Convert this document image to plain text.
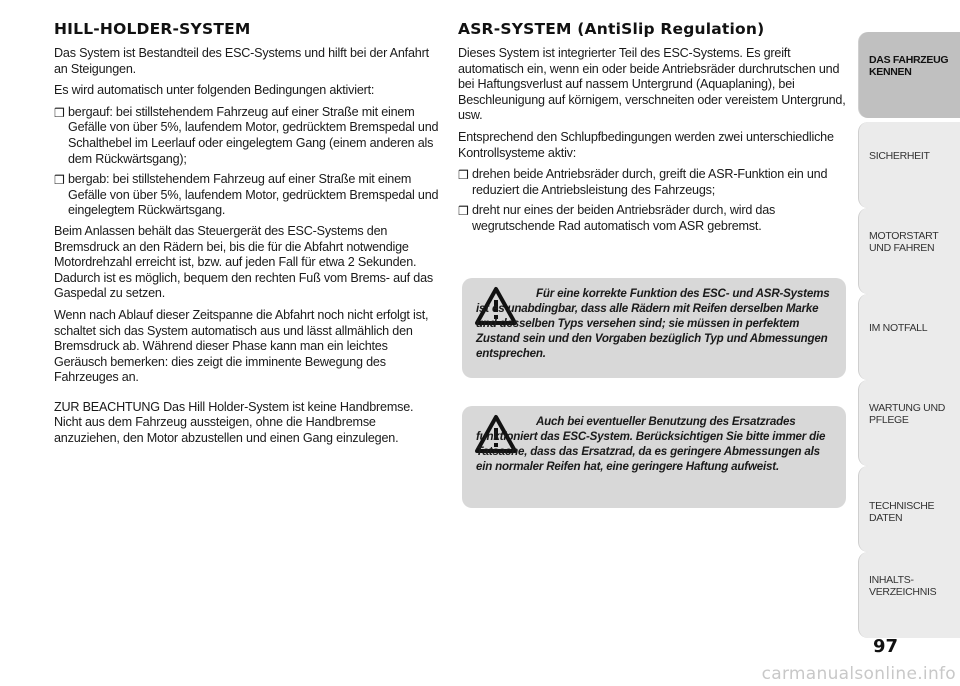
HILL-HOLDER-SYSTEM

Das System ist Bestandteil des ESC-Systems und hilft bei der Anfahrt an Steigungen.

Es wird automatisch unter folgenden Bedingungen aktiviert:

❒ bergauf: bei stillstehendem Fahrzeug auf einer Straße mit einem Gefälle von über 5%, laufendem Motor, gedrücktem Bremspedal und Schalthebel im Leerlauf oder eingelegtem Gang (einem anderen als dem Rückwärtsgang);

❒ bergab: bei stillstehendem Fahrzeug auf einer Straße mit einem Gefälle von über 5%, laufendem Motor, gedrücktem Bremspedal und eingelegtem Rückwärtsgang.

Beim Anlassen behält das Steuergerät des ESC-Systems den Bremsdruck an den Rädern bei, bis die für die Abfahrt notwendige Motordrehzahl erreicht ist, bzw. auf jeden Fall für etwa 2 Sekunden. Dadurch ist es möglich, bequem den rechten Fuß vom Brems- auf das Gaspedal zu setzen.

Wenn nach Ablauf dieser Zeitspanne die Abfahrt noch nicht erfolgt ist, schaltet sich das System automatisch aus und lässt allmählich den Bremsdruck ab. Während dieser Phase kann man ein leichtes Geräusch bemerken: dies zeigt die imminente Bewegung des Fahrzeuges an.

ZUR BEACHTUNG Das Hill Holder-System ist keine Handbremse. Nicht aus dem Fahrzeug aussteigen, ohne die Handbremse anzuziehen, den Motor abzustellen und einen Gang einzulegen.

ASR-SYSTEM (AntiSlip Regulation)

Dieses System ist integrierter Teil des ESC-Systems. Es greift automatisch ein, wenn ein oder beide Antriebsräder durchrutschen und bei Haftungsverlust auf nassem Untergrund (Aquaplaning), bei Beschleunigung auf körnigem, verschneiten oder vereistem Untergrund, usw.

Entsprechend den Schlupfbedingungen werden zwei unterschiedliche Kontrollsysteme aktiv:

❒ drehen beide Antriebsräder durch, greift die ASR-Funktion ein und reduziert die Antriebsleistung des Fahrzeugs;

❒ dreht nur eines der beiden Antriebsräder durch, wird das wegrutschende Rad automatisch vom ASR gebremst.

Für eine korrekte Funktion des ESC- und ASR-Systems ist es unabdingbar, dass alle Rädern mit Reifen derselben Marke und desselben Typs versehen sind; sie müssen in perfektem Zustand sein und den Vorgaben bezüglich Typ und Abmessungen entsprechen.
Auch bei eventueller Benutzung des Ersatzrades funktioniert das ESC-System. Berücksichtigen Sie bitte immer die Tatsache, dass das Ersatzrad, da es geringere Abmessungen als ein normaler Reifen hat, eine geringere Haftung aufweist.
DAS FAHRZEUG KENNEN
SICHERHEIT
MOTORSTART UND FAHREN
IM NOTFALL
WARTUNG UND PFLEGE
TECHNISCHE DATEN
INHALTS- VERZEICHNIS
97
carmanualsonline.info
